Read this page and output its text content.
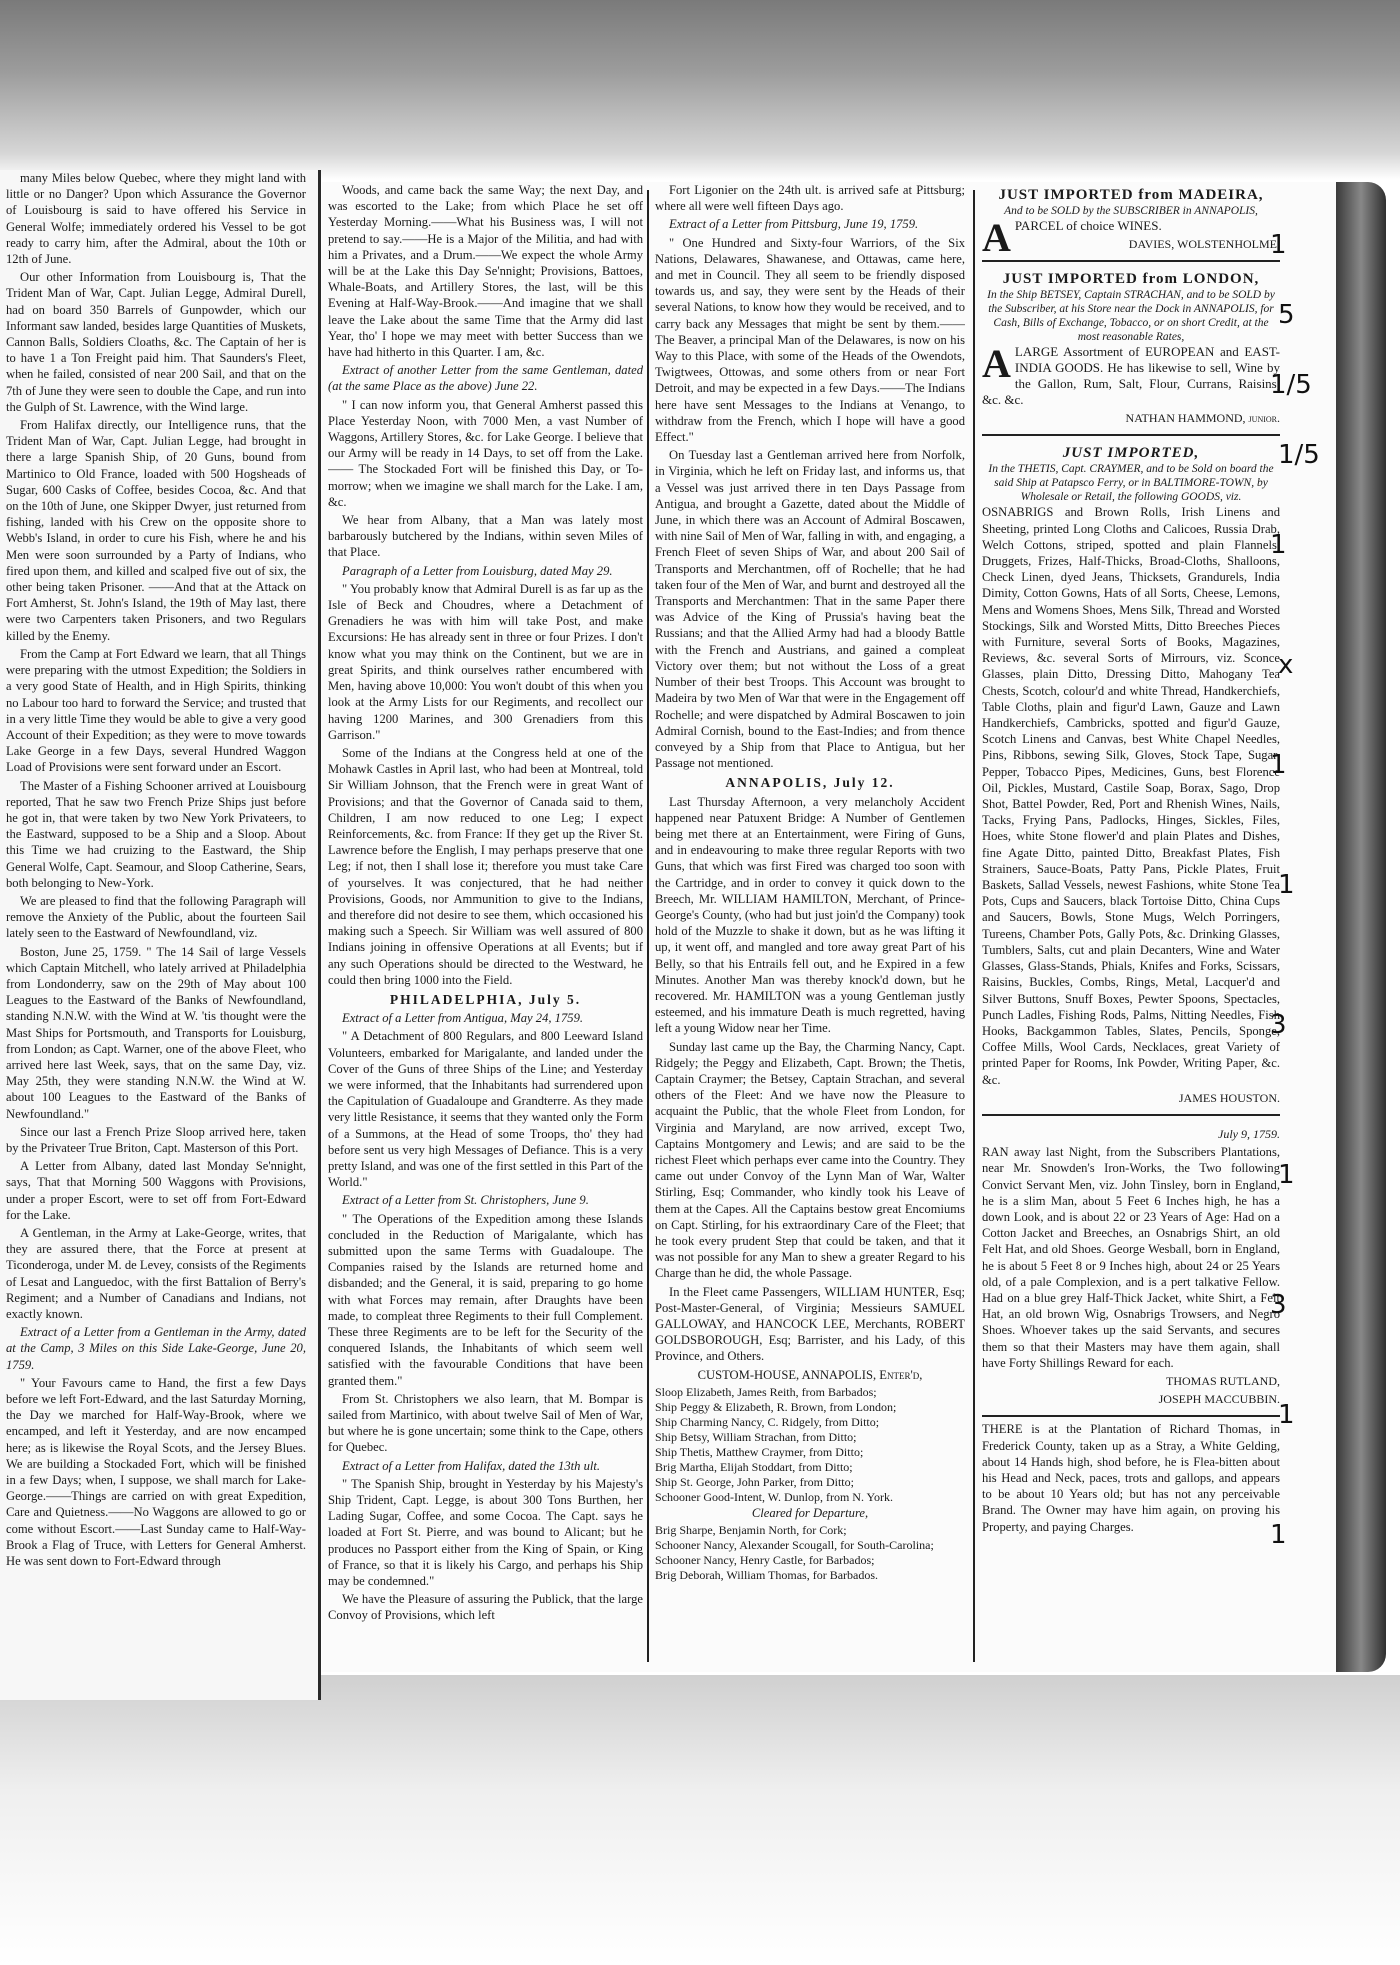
many Miles below Quebec, where they might land with little or no Danger? Upon which Assurance the Governor of Louisbourg is said to have offered his Service in General Wolfe; immediately ordered his Vessel to be got ready to carry him, after the Admiral, about the 10th or 12th of June.

Our other Information from Louisbourg is, That the Trident Man of War, Capt. Julian Legge, Admiral Durell, had on board 350 Barrels of Gunpowder, which our Informant saw landed, besides large Quantities of Muskets, Cannon Balls, Soldiers Cloaths, &c. The Captain of her is to have 1 a Ton Freight paid him. That Saunders's Fleet, when he failed, consisted of near 200 Sail, and that on the 7th of June they were seen to double the Cape, and run into the Gulph of St. Lawrence, with the Wind large.

From Halifax directly, our Intelligence runs, that the Trident Man of War, Capt. Julian Legge, had brought in there a large Spanish Ship, of 20 Guns, bound from Martinico to Old France, loaded with 500 Hogsheads of Sugar, 600 Casks of Coffee, besides Cocoa, &c. And that on the 10th of June, one Skipper Dwyer, just returned from fishing, landed with his Crew on the opposite shore to Webb's Island, in order to cure his Fish, where he and his Men were soon surrounded by a Party of Indians, who fired upon them, and killed and scalped five out of six, the other being taken Prisoner. ——And that at the Attack on Fort Amherst, St. John's Island, the 19th of May last, there were two Carpenters taken Prisoners, and two Regulars killed by the Enemy.

From the Camp at Fort Edward we learn, that all Things were preparing with the utmost Expedition; the Soldiers in a very good State of Health, and in High Spirits, thinking no Labour too hard to forward the Service; and trusted that in a very little Time they would be able to give a very good Account of their Expedition; as they were to move towards Lake George in a few Days, several Hundred Waggon Load of Provisions were sent forward under an Escort.

The Master of a Fishing Schooner arrived at Louisbourg reported, That he saw two French Prize Ships just before he got in, that were taken by two New York Privateers, to the Eastward, supposed to be a Ship and a Sloop. About this Time we had cruizing to the Eastward, the Ship General Wolfe, Capt. Seamour, and Sloop Catherine, Sears, both belonging to New-York.

We are pleased to find that the following Paragraph will remove the Anxiety of the Public, about the fourteen Sail lately seen to the Eastward of Newfoundland, viz.

Boston, June 25, 1759. " The 14 Sail of large Vessels which Captain Mitchell, who lately arrived at Philadelphia from Londonderry, saw on the 29th of May about 100 Leagues to the Eastward of the Banks of Newfoundland, standing N.N.W. with the Wind at W. 'tis thought were the Mast Ships for Portsmouth, and Transports for Louisburg, from London; as Capt. Warner, one of the above Fleet, who arrived here last Week, says, that on the same Day, viz. May 25th, they were standing N.N.W. the Wind at W. about 100 Leagues to the Eastward of the Banks of Newfoundland."

Since our last a French Prize Sloop arrived here, taken by the Privateer True Briton, Capt. Masterson of this Port.

A Letter from Albany, dated last Monday Se'nnight, says, That that Morning 500 Waggons with Provisions, under a proper Escort, were to set off from Fort-Edward for the Lake.

A Gentleman, in the Army at Lake-George, writes, that they are assured there, that the Force at present at Ticonderoga, under M. de Levey, consists of the Regiments of Lesat and Languedoc, with the first Battalion of Berry's Regiment; and a Number of Canadians and Indians, not exactly known.

Extract of a Letter from a Gentleman in the Army, dated at the Camp, 3 Miles on this Side Lake-George, June 20, 1759.

" Your Favours came to Hand, the first a few Days before we left Fort-Edward, and the last Saturday Morning, the Day we marched for Half-Way-Brook, where we encamped, and left it Yesterday, and are now encamped here; as is likewise the Royal Scots, and the Jersey Blues. We are building a Stockaded Fort, which will be finished in a few Days; when, I suppose, we shall march for Lake-George.——Things are carried on with great Expedition, Care and Quietness.——No Waggons are allowed to go or come without Escort.——Last Sunday came to Half-Way-Brook a Flag of Truce, with Letters for General Amherst. He was sent down to Fort-Edward through

Woods, and came back the same Way; the next Day, and was escorted to the Lake; from which Place he set off Yesterday Morning.——What his Business was, I will not pretend to say.——He is a Major of the Militia, and had with him a Privates, and a Drum.——We expect the whole Army will be at the Lake this Day Se'nnight; Provisions, Battoes, Whale-Boats, and Artillery Stores, the last, will be this Evening at Half-Way-Brook.——And imagine that we shall leave the Lake about the same Time that the Army did last Year, tho' I hope we may meet with better Success than we have had hitherto in this Quarter. I am, &c.

Extract of another Letter from the same Gentleman, dated (at the same Place as the above) June 22.

" I can now inform you, that General Amherst passed this Place Yesterday Noon, with 7000 Men, a vast Number of Waggons, Artillery Stores, &c. for Lake George. I believe that our Army will be ready in 14 Days, to set off from the Lake.—— The Stockaded Fort will be finished this Day, or To-morrow; when we imagine we shall march for the Lake. I am, &c.

We hear from Albany, that a Man was lately most barbarously butchered by the Indians, within seven Miles of that Place.

Paragraph of a Letter from Louisburg, dated May 29.

" You probably know that Admiral Durell is as far up as the Isle of Beck and Choudres, where a Detachment of Grenadiers he was with him will take Post, and make Excursions: He has already sent in three or four Prizes. I don't know what you may think on the Continent, but we are in great Spirits, and think ourselves rather encumbered with Men, having above 10,000: You won't doubt of this when you look at the Army Lists for our Regiments, and recollect our having 1200 Marines, and 300 Grenadiers from this Garrison."

Some of the Indians at the Congress held at one of the Mohawk Castles in April last, who had been at Montreal, told Sir William Johnson, that the French were in great Want of Provisions; and that the Governor of Canada said to them, Children, I am now reduced to one Leg; I expect Reinforcements, &c. from France: If they get up the River St. Lawrence before the English, I may perhaps preserve that one Leg; if not, then I shall lose it; therefore you must take Care of yourselves. It was conjectured, that he had neither Provisions, Goods, nor Ammunition to give to the Indians, and therefore did not desire to see them, which occasioned his making such a Speech. Sir William was well assured of 800 Indians joining in offensive Operations at all Events; but if any such Operations should be directed to the Westward, he could then bring 1000 into the Field.

PHILADELPHIA, July 5.

Extract of a Letter from Antigua, May 24, 1759.

" A Detachment of 800 Regulars, and 800 Leeward Island Volunteers, embarked for Marigalante, and landed under the Cover of the Guns of three Ships of the Line; and Yesterday we were informed, that the Inhabitants had surrendered upon the Capitulation of Guadaloupe and Grandterre. As they made very little Resistance, it seems that they wanted only the Form of a Summons, at the Head of some Troops, tho' they had before sent us very high Messages of Defiance. This is a very pretty Island, and was one of the first settled in this Part of the World."

Extract of a Letter from St. Christophers, June 9.

" The Operations of the Expedition among these Islands concluded in the Reduction of Marigalante, which has submitted upon the same Terms with Guadaloupe. The Companies raised by the Islands are returned home and disbanded; and the General, it is said, preparing to go home with what Forces may remain, after Draughts have been made, to compleat three Regiments to their full Complement. These three Regiments are to be left for the Security of the conquered Islands, the Inhabitants of which seem well satisfied with the favourable Conditions that have been granted them."

From St. Christophers we also learn, that M. Bompar is sailed from Martinico, with about twelve Sail of Men of War, but where he is gone uncertain; some think to the Cape, others for Quebec.

Extract of a Letter from Halifax, dated the 13th ult.

" The Spanish Ship, brought in Yesterday by his Majesty's Ship Trident, Capt. Legge, is about 300 Tons Burthen, her Lading Sugar, Coffee, and some Cocoa. The Capt. says he loaded at Fort St. Pierre, and was bound to Alicant; but he produces no Passport either from the King of Spain, or King of France, so that it is likely his Cargo, and perhaps his Ship may be condemned."

We have the Pleasure of assuring the Publick, that the large Convoy of Provisions, which left

Fort Ligonier on the 24th ult. is arrived safe at Pittsburg; where all were well fifteen Days ago.

Extract of a Letter from Pittsburg, June 19, 1759.

" One Hundred and Sixty-four Warriors, of the Six Nations, Delawares, Shawanese, and Ottawas, came here, and met in Council. They all seem to be friendly disposed towards us, and say, they were sent by the Heads of their several Nations, to know how they would be received, and to carry back any Messages that might be sent by them.——The Beaver, a principal Man of the Delawares, is now on his Way to this Place, with some of the Heads of the Owendots, Twigtwees, Ottowas, and some others from or near Fort Detroit, and may be expected in a few Days.——The Indians here have sent Messages to the Indians at Venango, to withdraw from the French, which I hope will have a good Effect."

On Tuesday last a Gentleman arrived here from Norfolk, in Virginia, which he left on Friday last, and informs us, that a Vessel was just arrived there in ten Days Passage from Antigua, and brought a Gazette, dated about the Middle of June, in which there was an Account of Admiral Boscawen, with nine Sail of Men of War, falling in with, and engaging, a French Fleet of seven Ships of War, and about 200 Sail of Transports and Merchantmen, off of Rochelle; that he had taken four of the Men of War, and burnt and destroyed all the Transports and Merchantmen: That in the same Paper there was Advice of the King of Prussia's having beat the Russians; and that the Allied Army had had a bloody Battle with the French and Austrians, and gained a compleat Victory over them; but not without the Loss of a great Number of their best Troops. This Account was brought to Madeira by two Men of War that were in the Engagement off Rochelle; and were dispatched by Admiral Boscawen to join Admiral Cornish, bound to the East-Indies; and from thence conveyed by a Ship from that Place to Antigua, but her Passage not mentioned.

ANNAPOLIS, July 12.

Last Thursday Afternoon, a very melancholy Accident happened near Patuxent Bridge: A Number of Gentlemen being met there at an Entertainment, were Firing of Guns, and in endeavouring to make three regular Reports with two Guns, that which was first Fired was charged too soon with the Cartridge, and in order to convey it quick down to the Breech, Mr. WILLIAM HAMILTON, Merchant, of Prince-George's County, (who had but just join'd the Company) took hold of the Muzzle to shake it down, but as he was lifting it up, it went off, and mangled and tore away great Part of his Belly, so that his Entrails fell out, and he Expired in a few Minutes. Another Man was thereby knock'd down, but he recovered. Mr. HAMILTON was a young Gentleman justly esteemed, and his immature Death is much regretted, having left a young Widow near her Time.

Sunday last came up the Bay, the Charming Nancy, Capt. Ridgely; the Peggy and Elizabeth, Capt. Brown; the Thetis, Captain Craymer; the Betsey, Captain Strachan, and several others of the Fleet: And we have now the Pleasure to acquaint the Public, that the whole Fleet from London, for Virginia and Maryland, are now arrived, except Two, Captains Montgomery and Lewis; and are said to be the richest Fleet which perhaps ever came into the Country. They came out under Convoy of the Lynn Man of War, Walter Stirling, Esq; Commander, who kindly took his Leave of them at the Capes. All the Captains bestow great Encomiums on Capt. Stirling, for his extraordinary Care of the Fleet; that he took every prudent Step that could be taken, and that it was not possible for any Man to shew a greater Regard to his Charge than he did, the whole Passage.

In the Fleet came Passengers, WILLIAM HUNTER, Esq; Post-Master-General, of Virginia; Messieurs SAMUEL GALLOWAY, and HANCOCK LEE, Merchants, ROBERT GOLDSBOROUGH, Esq; Barrister, and his Lady, of this Province, and Others.

CUSTOM-HOUSE, ANNAPOLIS, Enter'd,

Sloop Elizabeth, James Reith, from Barbados;
Ship Peggy & Elizabeth, R. Brown, from London;
Ship Charming Nancy, C. Ridgely, from Ditto;
Ship Betsy, William Strachan, from Ditto;
Ship Thetis, Matthew Craymer, from Ditto;
Brig Martha, Elijah Stoddart, from Ditto;
Ship St. George, John Parker, from Ditto;
Schooner Good-Intent, W. Dunlop, from N. York.

Cleared for Departure,

Brig Sharpe, Benjamin North, for Cork;
Schooner Nancy, Alexander Scougall, for South-Carolina;
Schooner Nancy, Henry Castle, for Barbados;
Brig Deborah, William Thomas, for Barbados.
JUST IMPORTED from MADEIRA,
And to be SOLD by the SUBSCRIBER in ANNAPOLIS,

APARCEL of choice WINES.

DAVIES, WOLSTENHOLME.
JUST IMPORTED from LONDON,
In the Ship BETSEY, Captain STRACHAN, and to be SOLD by the Subscriber, at his Store near the Dock in ANNAPOLIS, for Cash, Bills of Exchange, Tobacco, or on short Credit, at the most reasonable Rates,

ALARGE Assortment of EUROPEAN and EAST-INDIA GOODS. He has likewise to sell, Wine by the Gallon, Rum, Salt, Flour, Currans, Raisins, &c. &c.

NATHAN HAMMOND, junior.
JUST IMPORTED,
In the THETIS, Capt. CRAYMER, and to be Sold on board the said Ship at Patapsco Ferry, or in BALTIMORE-TOWN, by Wholesale or Retail, the following GOODS, viz.

OSNABRIGS and Brown Rolls, Irish Linens and Sheeting, printed Long Cloths and Calicoes, Russia Drab, Welch Cottons, striped, spotted and plain Flannels, Druggets, Frizes, Half-Thicks, Broad-Cloths, Shalloons, Check Linen, dyed Jeans, Thicksets, Grandurels, India Dimity, Cotton Gowns, Hats of all Sorts, Cheese, Lemons, Mens and Womens Shoes, Mens Silk, Thread and Worsted Stockings, Silk and Worsted Mitts, Ditto Breeches Pieces with Furniture, several Sorts of Books, Magazines, Reviews, &c. several Sorts of Mirrours, viz. Sconce Glasses, plain Ditto, Dressing Ditto, Mahogany Tea Chests, Scotch, colour'd and white Thread, Handkerchiefs, Table Cloths, plain and figur'd Lawn, Gauze and Lawn Handkerchiefs, Cambricks, spotted and figur'd Gauze, Scotch Linens and Canvas, best White Chapel Needles, Pins, Ribbons, sewing Silk, Gloves, Stock Tape, Sugar, Pepper, Tobacco Pipes, Medicines, Guns, best Florence Oil, Pickles, Mustard, Castile Soap, Borax, Sago, Drop Shot, Battel Powder, Red, Port and Rhenish Wines, Nails, Tacks, Frying Pans, Padlocks, Hinges, Sickles, Files, Hoes, white Stone flower'd and plain Plates and Dishes, fine Agate Ditto, painted Ditto, Breakfast Plates, Fish Strainers, Sauce-Boats, Patty Pans, Pickle Plates, Fruit Baskets, Sallad Vessels, newest Fashions, white Stone Tea Pots, Cups and Saucers, black Tortoise Ditto, China Cups and Saucers, Bowls, Stone Mugs, Welch Porringers, Tureens, Chamber Pots, Gally Pots, &c. Drinking Glasses, Tumblers, Salts, cut and plain Decanters, Wine and Water Glasses, Glass-Stands, Phials, Knifes and Forks, Scissars, Raisins, Buckles, Combs, Rings, Metal, Lacquer'd and Silver Buttons, Snuff Boxes, Pewter Spoons, Spectacles, Punch Ladles, Fishing Rods, Palms, Nitting Needles, Fish Hooks, Backgammon Tables, Slates, Pencils, Sponge, Coffee Mills, Wool Cards, Necklaces, great Variety of printed Paper for Rooms, Ink Powder, Writing Paper, &c. &c.

JAMES HOUSTON.
July 9, 1759.

RAN away last Night, from the Subscribers Plantations, near Mr. Snowden's Iron-Works, the Two following Convict Servant Men, viz. John Tinsley, born in England, he is a slim Man, about 5 Feet 6 Inches high, he has a down Look, and is about 22 or 23 Years of Age: Had on a Cotton Jacket and Breeches, an Osnabrigs Shirt, an old Felt Hat, and old Shoes. George Wesball, born in England, he is about 5 Feet 8 or 9 Inches high, about 24 or 25 Years old, of a pale Complexion, and is a pert talkative Fellow. Had on a blue grey Half-Thick Jacket, white Shirt, a Felt Hat, an old brown Wig, Osnabrigs Trowsers, and Negro Shoes. Whoever takes up the said Servants, and secures them so that their Masters may have them again, shall have Forty Shillings Reward for each.

THOMAS RUTLAND,
JOSEPH MACCUBBIN.

THERE is at the Plantation of Richard Thomas, in Frederick County, taken up as a Stray, a White Gelding, about 14 Hands high, shod before, he is Flea-bitten about his Head and Neck, paces, trots and gallops, and appears to be about 10 Years old; but has not any perceivable Brand. The Owner may have him again, on proving his Property, and paying Charges.

1
5
1/5
1/5
1
x
1
1
3
1
3
1
1
